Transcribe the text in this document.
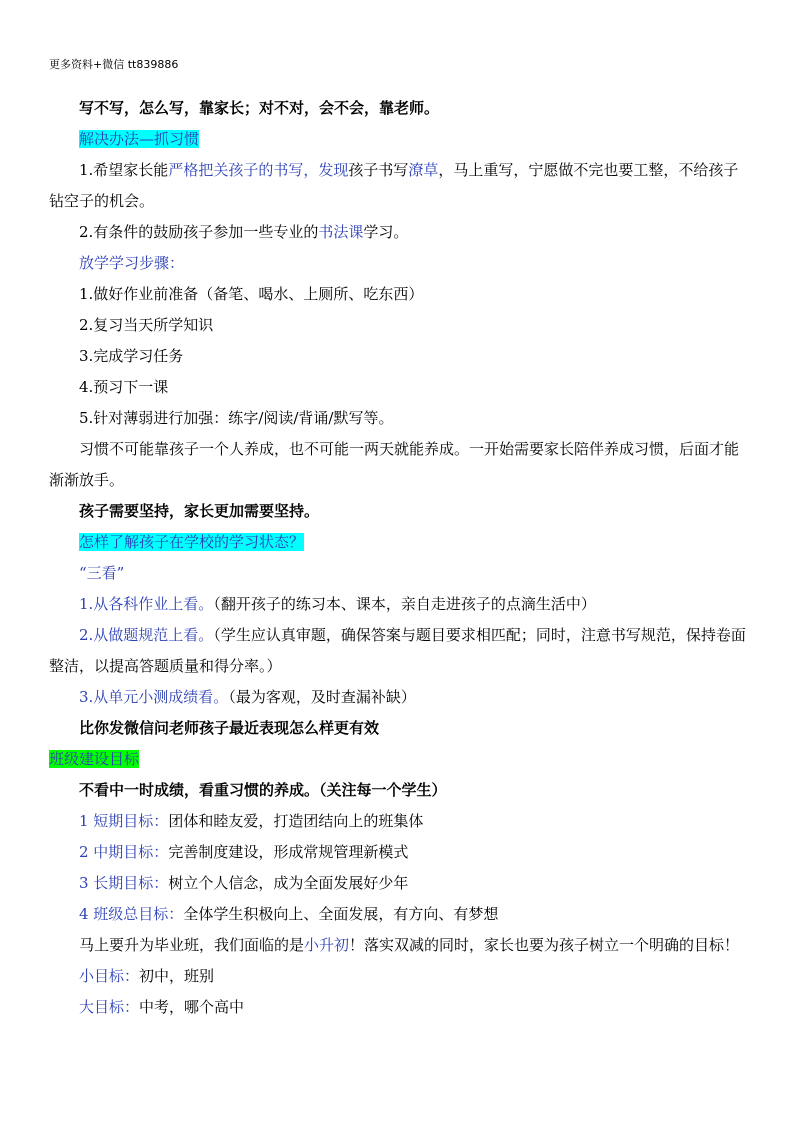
更多资料+微信 tt839886

写不写，怎么写，靠家长；对不对，会不会，靠老师。

解决办法—抓习惯

1.希望家长能严格把关孩子的书写，发现孩子书写潦草，马上重写，宁愿做不完也要工整，不给孩子钻空子的机会。

2.有条件的鼓励孩子参加一些专业的书法课学习。

放学学习步骤：

1.做好作业前准备（备笔、喝水、上厕所、吃东西）

2.复习当天所学知识

3.完成学习任务

4.预习下一课

5.针对薄弱进行加强：练字/阅读/背诵/默写等。

习惯不可能靠孩子一个人养成，也不可能一两天就能养成。一开始需要家长陪伴养成习惯，后面才能渐渐放手。

孩子需要坚持，家长更加需要坚持。

怎样了解孩子在学校的学习状态？

“三看”

1.从各科作业上看。（翻开孩子的练习本、课本，亲自走进孩子的点滴生活中）

2.从做题规范上看。（学生应认真审题，确保答案与题目要求相匹配；同时，注意书写规范，保持卷面整洁，以提高答题质量和得分率。）

3.从单元小测成绩看。（最为客观，及时查漏补缺）

比你发微信问老师孩子最近表现怎么样更有效

班级建设目标

不看中一时成绩，看重习惯的养成。（关注每一个学生）

1 短期目标：团体和睦友爱，打造团结向上的班集体

2 中期目标：完善制度建设，形成常规管理新模式

3 长期目标：树立个人信念，成为全面发展好少年

4 班级总目标：全体学生积极向上、全面发展，有方向、有梦想

马上要升为毕业班，我们面临的是小升初！落实双减的同时，家长也要为孩子树立一个明确的目标！

小目标：初中，班别

大目标：中考，哪个高中
